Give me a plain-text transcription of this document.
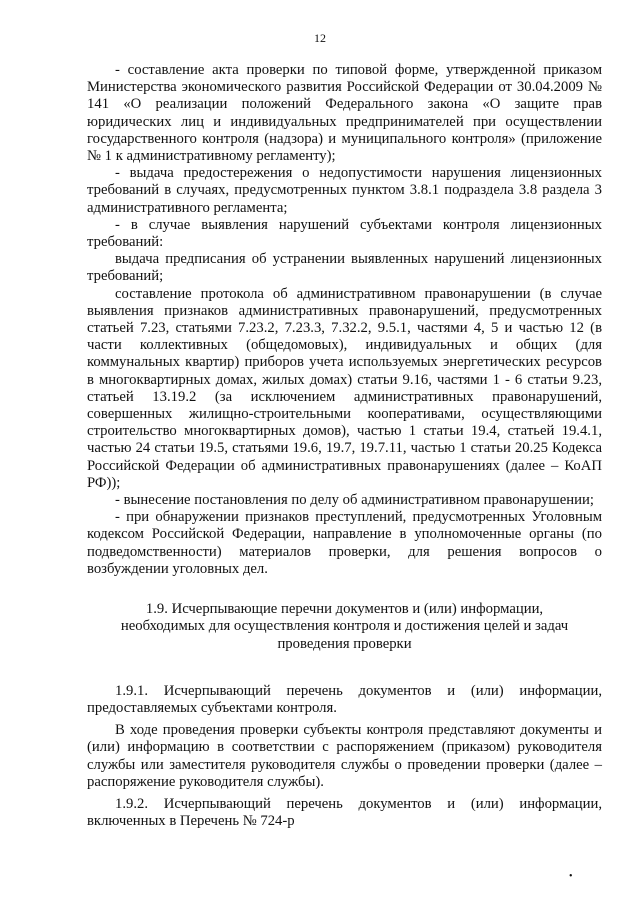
12

- составление акта проверки по типовой форме, утвержденной приказом Министерства экономического развития Российской Федерации от 30.04.2009 № 141 «О реализации положений Федерального закона «О защите прав юридических лиц и индивидуальных предпринимателей при осуществлении государственного контроля (надзора) и муниципального контроля» (приложение № 1 к административному регламенту);

- выдача предостережения о недопустимости нарушения лицензионных требований в случаях, предусмотренных пунктом 3.8.1 подраздела 3.8 раздела 3 административного регламента;

- в случае выявления нарушений субъектами контроля лицензионных требований:

выдача предписания об устранении выявленных нарушений лицензионных требований;

составление протокола об административном правонарушении (в случае выявления признаков административных правонарушений, предусмотренных статьей 7.23, статьями 7.23.2, 7.23.3, 7.32.2, 9.5.1, частями 4, 5 и частью 12 (в части коллективных (общедомовых), индивидуальных и общих (для коммунальных квартир) приборов учета используемых энергетических ресурсов в многоквартирных домах, жилых домах) статьи 9.16, частями 1 - 6 статьи 9.23, статьей 13.19.2 (за исключением административных правонарушений, совершенных жилищно-строительными кооперативами, осуществляющими строительство многоквартирных домов), частью 1 статьи 19.4, статьей 19.4.1, частью 24 статьи 19.5, статьями 19.6, 19.7, 19.7.11, частью 1 статьи 20.25 Кодекса Российской Федерации об административных правонарушениях (далее – КоАП РФ));

- вынесение постановления по делу об административном правонарушении;

- при обнаружении признаков преступлений, предусмотренных Уголовным кодексом Российской Федерации, направление в уполномоченные органы (по подведомственности) материалов проверки, для решения вопросов о возбуждении уголовных дел.

1.9. Исчерпывающие перечни документов и (или) информации,
необходимых для осуществления контроля и достижения целей и задач
проведения проверки

1.9.1. Исчерпывающий перечень документов и (или) информации, предоставляемых субъектами контроля.

В ходе проведения проверки субъекты контроля представляют документы и (или) информацию в соответствии с распоряжением (приказом) руководителя службы или заместителя руководителя службы о проведении проверки (далее – распоряжение руководителя службы).

1.9.2. Исчерпывающий перечень документов и (или) информации, включенных в Перечень № 724-р

•
